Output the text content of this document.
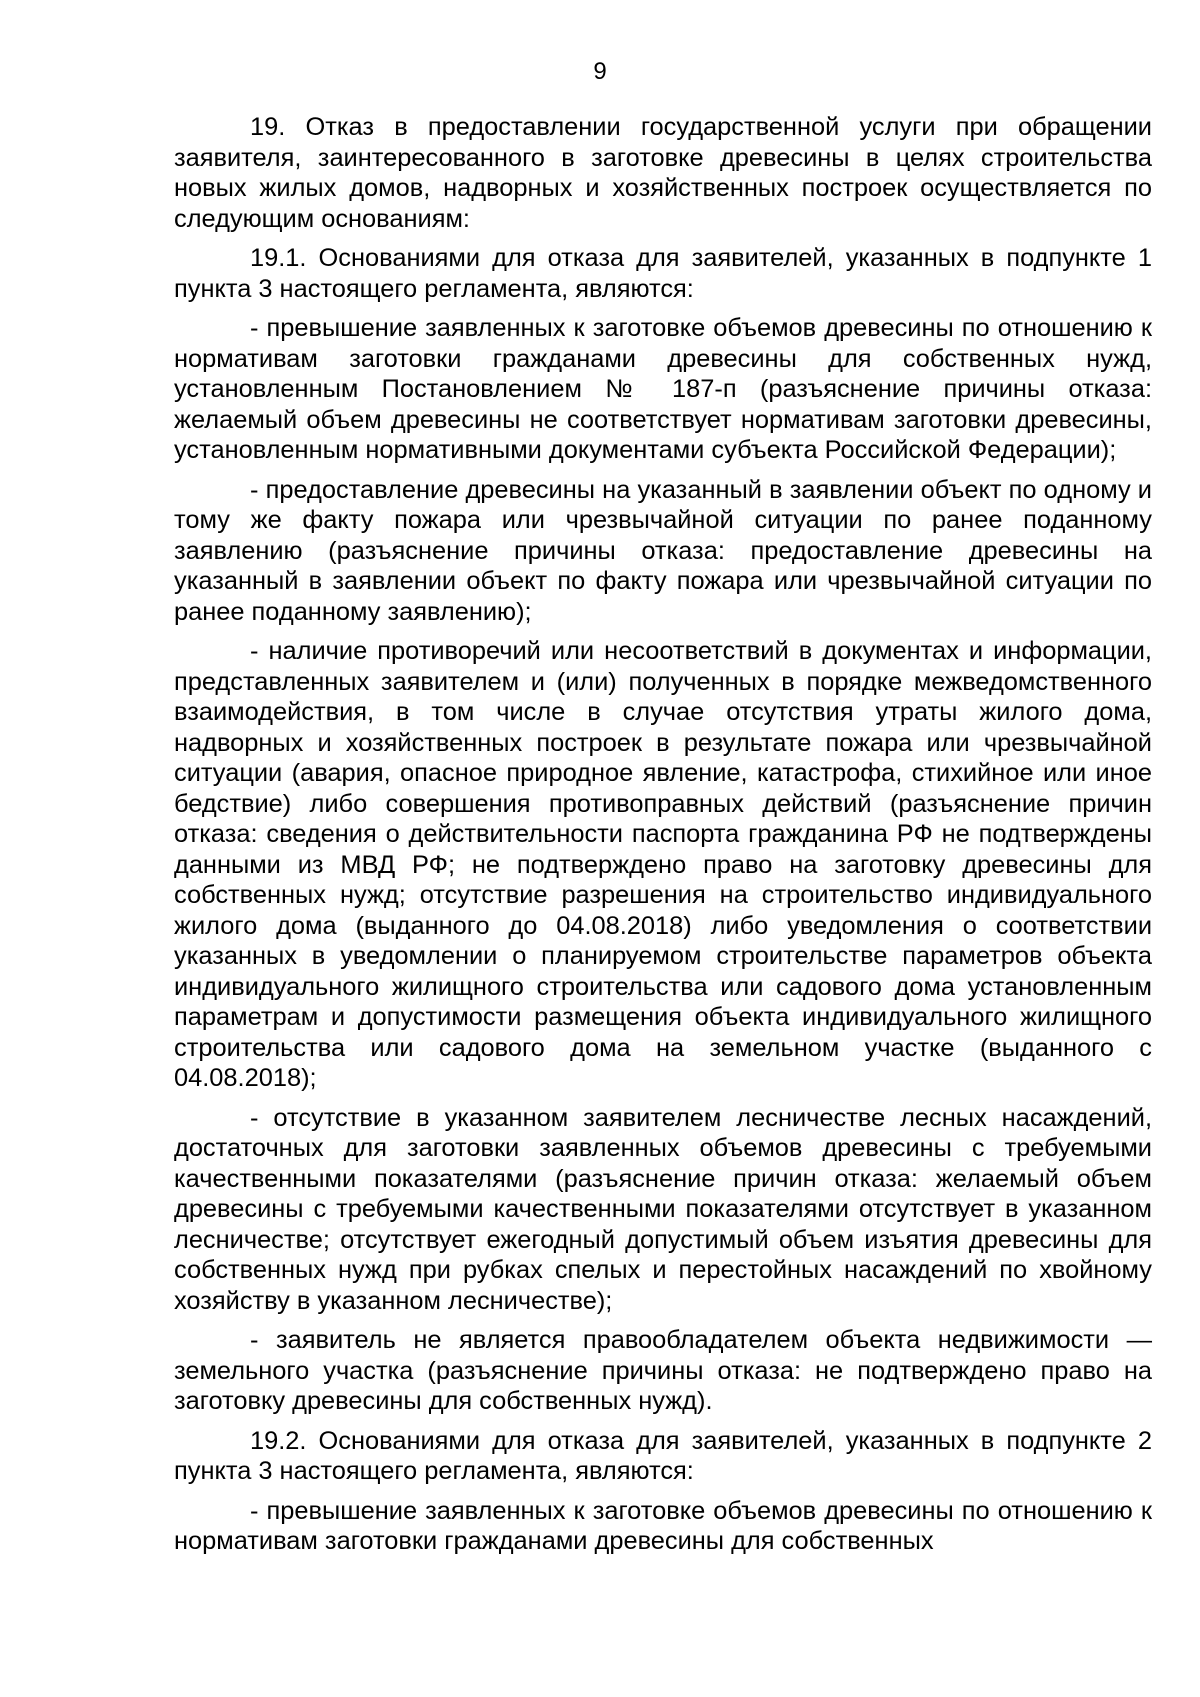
9

19. Отказ в предоставлении государственной услуги при обращении заявителя, заинтересованного в заготовке древесины в целях строительства новых жилых домов, надворных и хозяйственных построек осуществляется по следующим основаниям:

19.1. Основаниями для отказа для заявителей, указанных в подпункте 1 пункта 3 настоящего регламента, являются:

- превышение заявленных к заготовке объемов древесины по отношению к нормативам заготовки гражданами древесины для собственных нужд, установленным Постановлением № 187-п (разъяснение причины отказа: желаемый объем древесины не соответствует нормативам заготовки древесины, установленным нормативными документами субъекта Российской Федерации);

- предоставление древесины на указанный в заявлении объект по одному и тому же факту пожара или чрезвычайной ситуации по ранее поданному заявлению (разъяснение причины отказа: предоставление древесины на указанный в заявлении объект по факту пожара или чрезвычайной ситуации по ранее поданному заявлению);

- наличие противоречий или несоответствий в документах и информации, представленных заявителем и (или) полученных в порядке межведомственного взаимодействия, в том числе в случае отсутствия утраты жилого дома, надворных и хозяйственных построек в результате пожара или чрезвычайной ситуации (авария, опасное природное явление, катастрофа, стихийное или иное бедствие) либо совершения противоправных действий (разъяснение причин отказа: сведения о действительности паспорта гражданина РФ не подтверждены данными из МВД РФ; не подтверждено право на заготовку древесины для собственных нужд; отсутствие разрешения на строительство индивидуального жилого дома (выданного до 04.08.2018) либо уведомления о соответствии указанных в уведомлении о планируемом строительстве параметров объекта индивидуального жилищного строительства или садового дома установленным параметрам и допустимости размещения объекта индивидуального жилищного строительства или садового дома на земельном участке (выданного с 04.08.2018);

- отсутствие в указанном заявителем лесничестве лесных насаждений, достаточных для заготовки заявленных объемов древесины с требуемыми качественными показателями (разъяснение причин отказа: желаемый объем древесины с требуемыми качественными показателями отсутствует в указанном лесничестве; отсутствует ежегодный допустимый объем изъятия древесины для собственных нужд при рубках спелых и перестойных насаждений по хвойному хозяйству в указанном лесничестве);

- заявитель не является правообладателем объекта недвижимости — земельного участка (разъяснение причины отказа: не подтверждено право на заготовку древесины для собственных нужд).

19.2. Основаниями для отказа для заявителей, указанных в подпункте 2 пункта 3 настоящего регламента, являются:

- превышение заявленных к заготовке объемов древесины по отношению к нормативам заготовки гражданами древесины для собственных
